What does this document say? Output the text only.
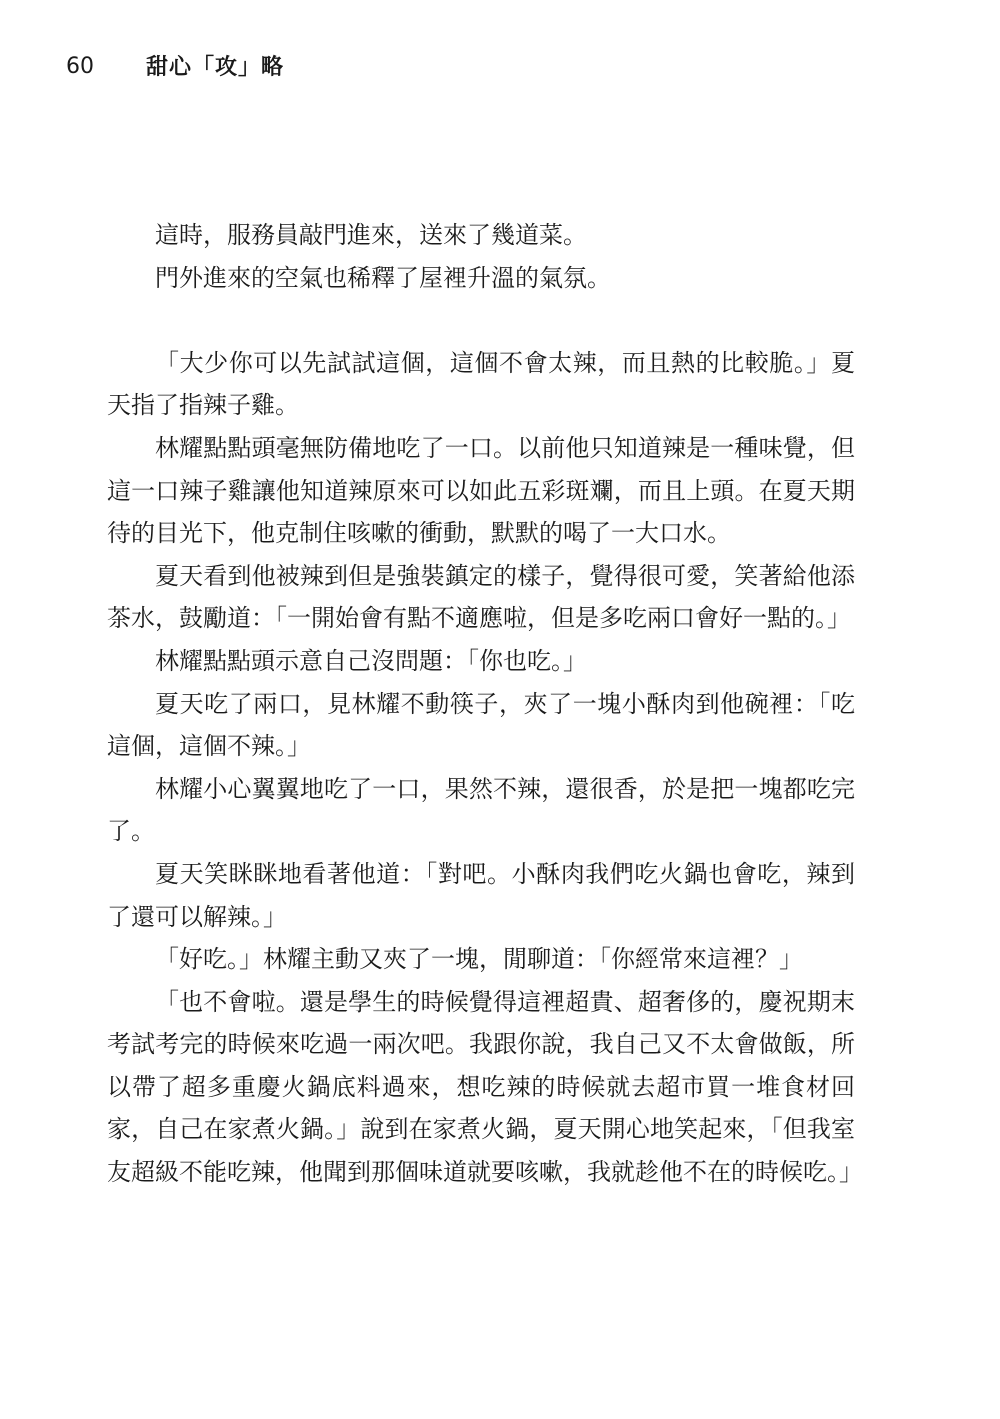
60	甜心「攻」略

這時，服務員敲門進來，送來了幾道菜。

門外進來的空氣也稀釋了屋裡升溫的氣氛。

「大少你可以先試試這個，這個不會太辣，而且熱的比較脆。」夏天指了指辣子雞。

林耀點點頭毫無防備地吃了一口。以前他只知道辣是一種味覺，但這一口辣子雞讓他知道辣原來可以如此五彩斑斕，而且上頭。在夏天期待的目光下，他克制住咳嗽的衝動，默默的喝了一大口水。

夏天看到他被辣到但是強裝鎮定的樣子，覺得很可愛，笑著給他添茶水，鼓勵道：「一開始會有點不適應啦，但是多吃兩口會好一點的。」

林耀點點頭示意自己沒問題：「你也吃。」

夏天吃了兩口，見林耀不動筷子，夾了一塊小酥肉到他碗裡：「吃這個，這個不辣。」

林耀小心翼翼地吃了一口，果然不辣，還很香，於是把一塊都吃完了。

夏天笑眯眯地看著他道：「對吧。小酥肉我們吃火鍋也會吃，辣到了還可以解辣。」

「好吃。」林耀主動又夾了一塊，閒聊道：「你經常來這裡？」

「也不會啦。還是學生的時候覺得這裡超貴、超奢侈的，慶祝期末考試考完的時候來吃過一兩次吧。我跟你說，我自己又不太會做飯，所以帶了超多重慶火鍋底料過來，想吃辣的時候就去超市買一堆食材回家，自己在家煮火鍋。」說到在家煮火鍋，夏天開心地笑起來，「但我室友超級不能吃辣，他聞到那個味道就要咳嗽，我就趁他不在的時候吃。」
